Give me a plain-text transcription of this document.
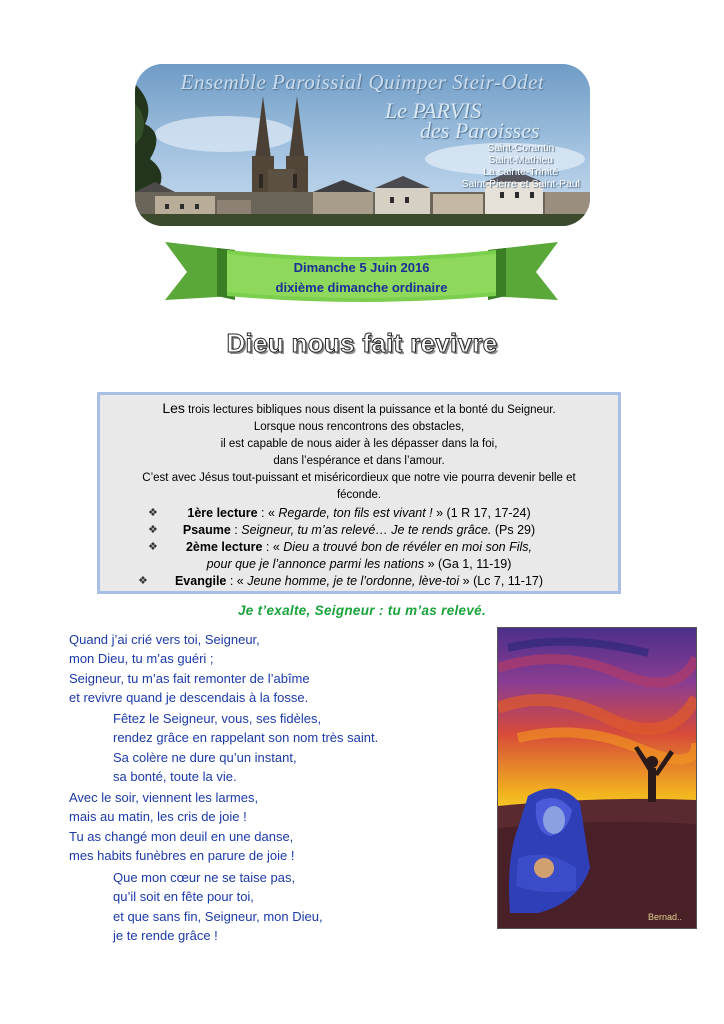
Ensemble Paroissial Quimper Steir-Odet
Le PARVIS
des Paroisses
Saint-Corantin
Saint-Mathieu
La sainte-Trinité
Saint-Pierre et Saint-Paul
Dimanche 5 Juin 2016
dixième dimanche ordinaire
Dieu nous fait revivre
Les trois lectures bibliques nous disent la puissance et la bonté du Seigneur.
Lorsque nous rencontrons des obstacles,
il est capable de nous aider à les dépasser dans la foi,
dans l’espérance et dans l’amour.
C’est avec Jésus tout-puissant et miséricordieux que notre vie pourra devenir belle et
féconde.
❖ 1ère lecture : « Regarde, ton fils est vivant ! » (1 R 17, 17-24)
❖ Psaume : Seigneur, tu m’as relevé… Je te rends grâce. (Ps 29)
❖ 2ème lecture : « Dieu a trouvé bon de révéler en moi son Fils,
pour que je l’annonce parmi les nations » (Ga 1, 11-19)
❖ Evangile : « Jeune homme, je te l’ordonne, lève-toi » (Lc 7, 11-17)
Je t’exalte, Seigneur : tu m’as relevé.
Quand j’ai crié vers toi, Seigneur,
mon Dieu, tu m’as guéri ;
Seigneur, tu m’as fait remonter de l’abîme
et revivre quand je descendais à la fosse.
Fêtez le Seigneur, vous, ses fidèles,
rendez grâce en rappelant son nom très saint.
Sa colère ne dure qu’un instant,
sa bonté, toute la vie.
Avec le soir, viennent les larmes,
mais au matin, les cris de joie !
Tu as changé mon deuil en une danse,
mes habits funèbres en parure de joie !
Que mon cœur ne se taise pas,
qu’il soit en fête pour toi,
et que sans fin, Seigneur, mon Dieu,
je te rende grâce !
Bernad..
